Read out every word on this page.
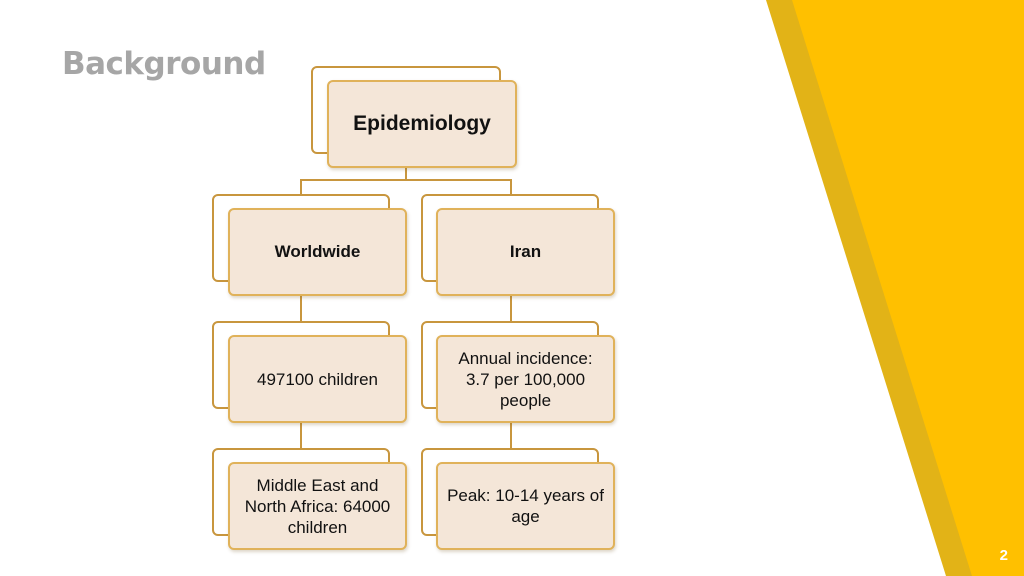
Background
Epidemiology
Worldwide
497100 children
Middle East and North Africa: 64000 children
Iran
Annual incidence: 3.7 per 100,000 people
Peak: 10-14 years of age
2
